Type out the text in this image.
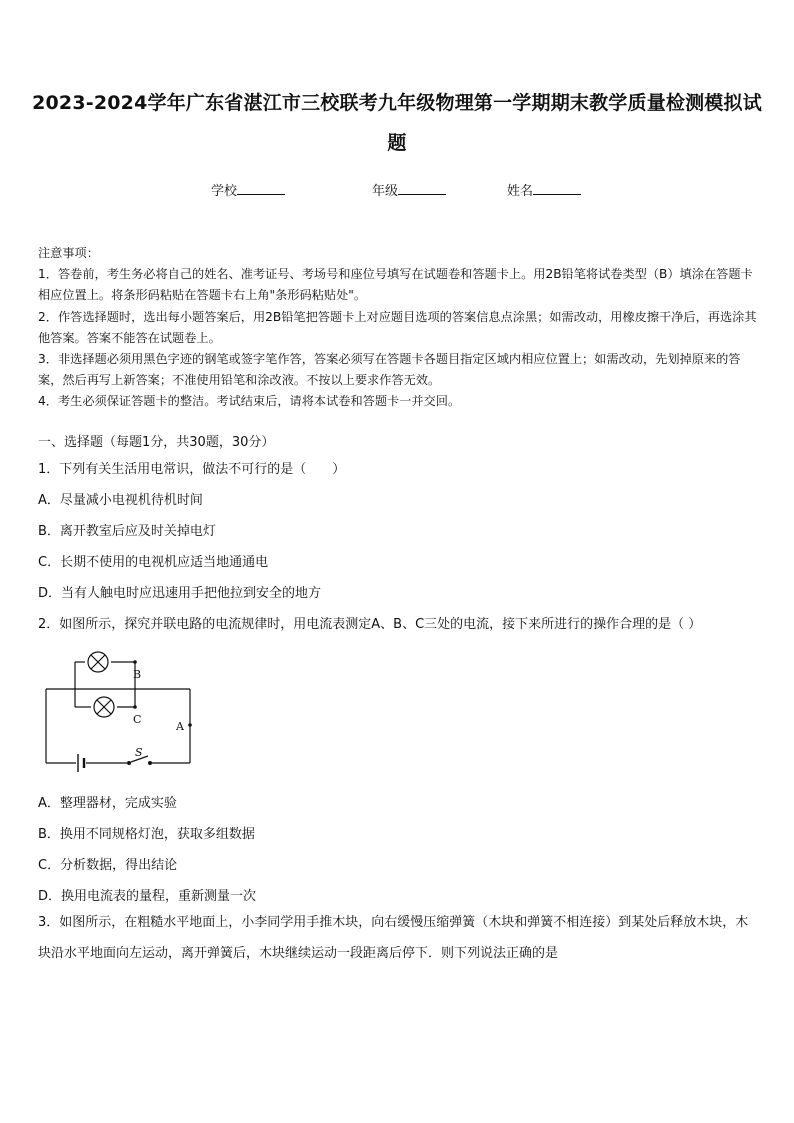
2023-2024学年广东省湛江市三校联考九年级物理第一学期期末教学质量检测模拟试
题
学校	年级	姓名

注意事项：

1．答卷前，考生务必将自己的姓名、准考证号、考场号和座位号填写在试题卷和答题卡上。用2B铅笔将试卷类型（B）填涂在答题卡相应位置上。将条形码粘贴在答题卡右上角"条形码粘贴处"。

2．作答选择题时，选出每小题答案后，用2B铅笔把答题卡上对应题目选项的答案信息点涂黑；如需改动，用橡皮擦干净后，再选涂其他答案。答案不能答在试题卷上。

3．非选择题必须用黑色字迹的钢笔或签字笔作答，答案必须写在答题卡各题目指定区域内相应位置上；如需改动，先划掉原来的答案，然后再写上新答案；不准使用铅笔和涂改液。不按以上要求作答无效。

4．考生必须保证答题卡的整洁。考试结束后，请将本试卷和答题卡一并交回。

一、选择题（每题1分，共30题，30分）
1．下列有关生活用电常识，做法不可行的是（　　）
A．尽量减小电视机待机时间
B．离开教室后应及时关掉电灯
C．长期不使用的电视机应适当地通通电
D．当有人触电时应迅速用手把他拉到安全的地方
2．如图所示，探究并联电路的电流规律时，用电流表测定A、B、C三处的电流，接下来所进行的操作合理的是（ ）
B
C
A
S
A．整理器材，完成实验
B．换用不同规格灯泡，获取多组数据
C．分析数据，得出结论
D．换用电流表的量程，重新测量一次
3．如图所示，在粗糙水平地面上，小李同学用手推木块，向右缓慢压缩弹簧（木块和弹簧不相连接）到某处后释放木块，木块沿水平地面向左运动，离开弹簧后，木块继续运动一段距离后停下．则下列说法正确的是
